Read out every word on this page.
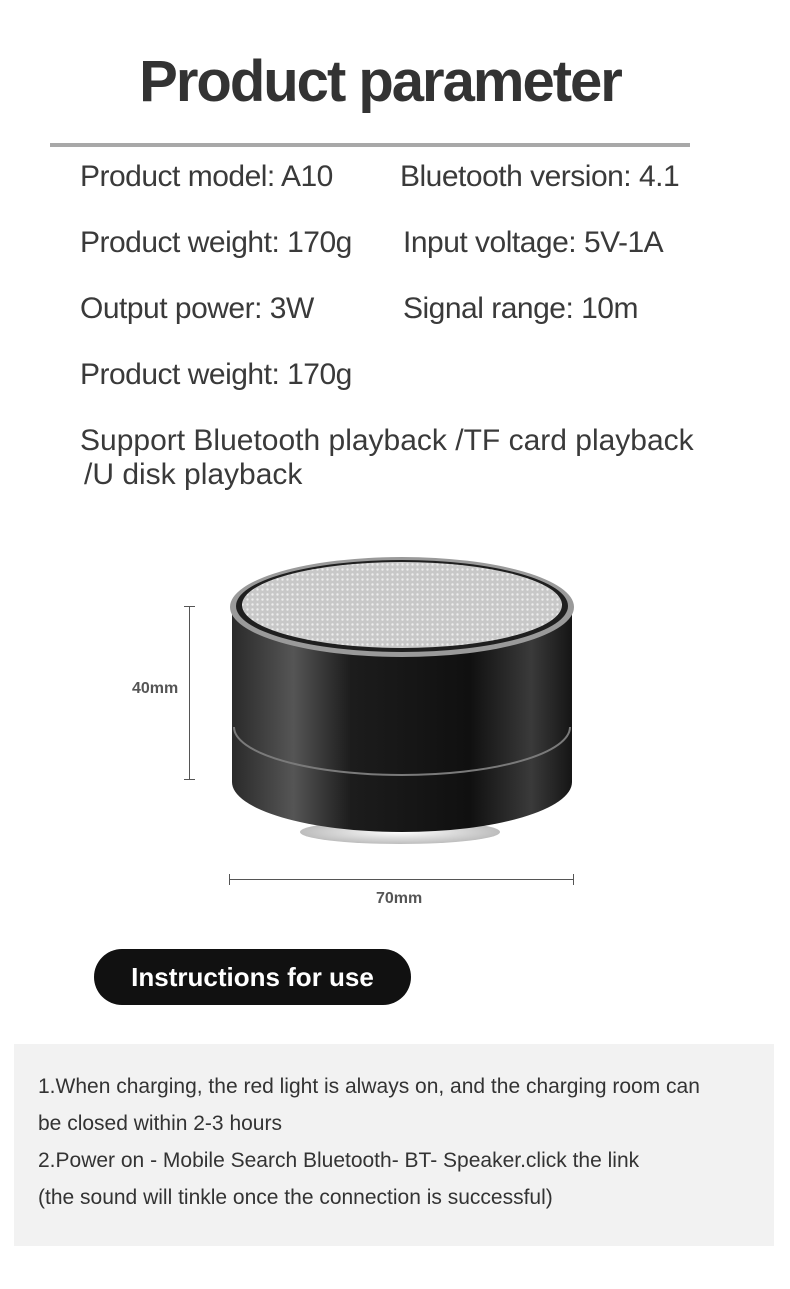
Product parameter
Product model: A10 Bluetooth version: 4.1
Product weight: 170g Input voltage: 5V-1A
Output power: 3W	Signal range: 10m
Product weight: 170g
Support Bluetooth playback /TF card playback
/U disk playback
40mm
70mm
Instructions for use
1.When charging, the red light is always on, and the charging room can
be closed within 2-3 hours
2.Power on - Mobile Search Bluetooth- BT- Speaker.click the link
(the sound will tinkle once the connection is successful)
